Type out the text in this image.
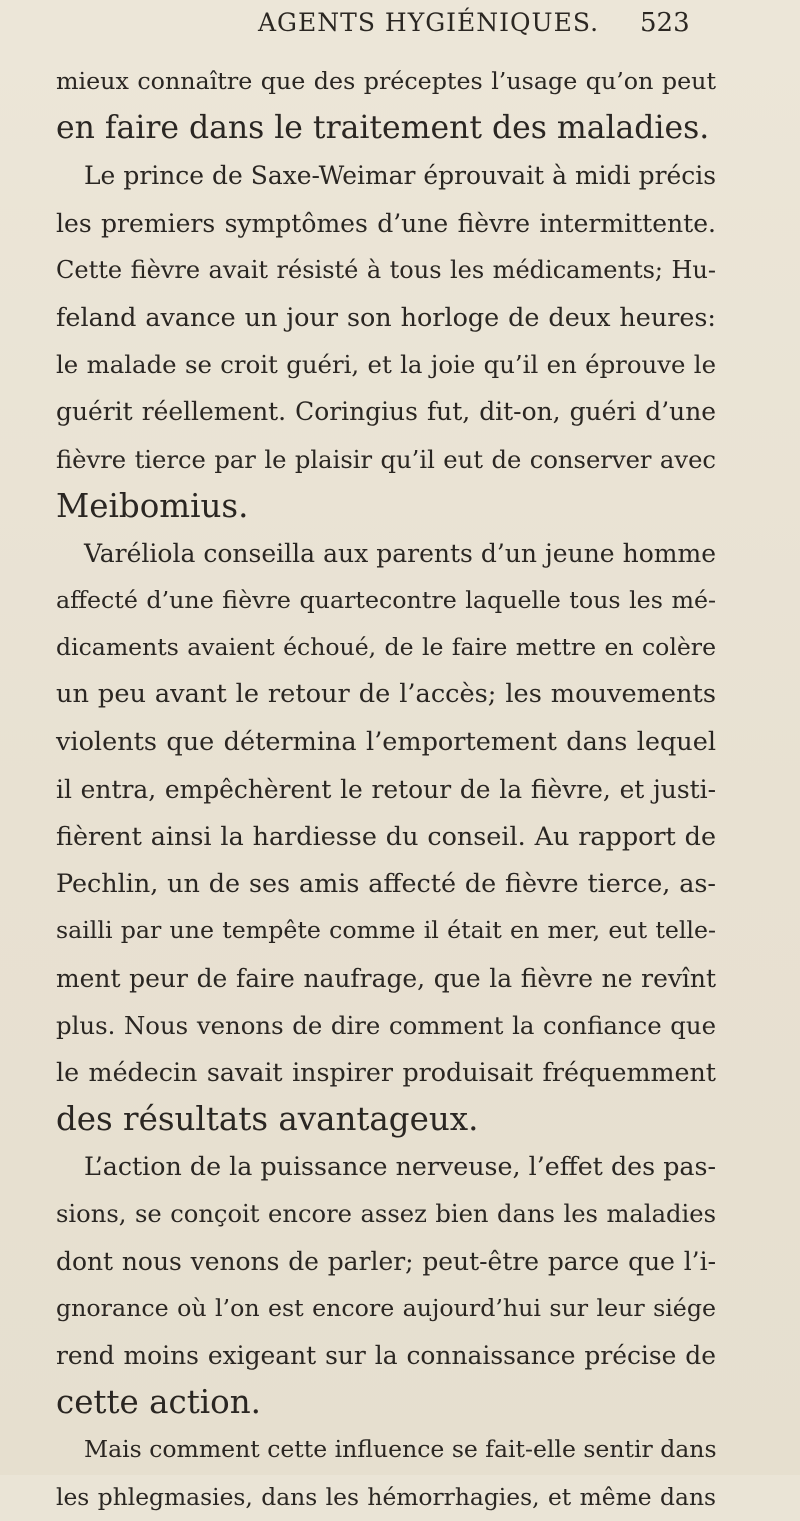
AGENTS HYGIÉNIQUES. 523
mieux connaître que des préceptes l’usage qu’on peut
en faire dans le traitement des maladies.
Le prince de Saxe-Weimar éprouvait à midi précis
les premiers symptômes d’une fièvre intermittente.
Cette fièvre avait résisté à tous les médicaments; Hu-
feland avance un jour son horloge de deux heures:
le malade se croit guéri, et la joie qu’il en éprouve le
guérit réellement. Coringius fut, dit-on, guéri d’une
fièvre tierce par le plaisir qu’il eut de conserver avec
Meibomius.
Varéliola conseilla aux parents d’un jeune homme
affecté d’une fièvre quartecontre laquelle tous les mé-
dicaments avaient échoué, de le faire mettre en colère
un peu avant le retour de l’accès; les mouvements
violents que détermina l’emportement dans lequel
il entra, empêchèrent le retour de la fièvre, et justi-
fièrent ainsi la hardiesse du conseil. Au rapport de
Pechlin, un de ses amis affecté de fièvre tierce, as-
sailli par une tempête comme il était en mer, eut telle-
ment peur de faire naufrage, que la fièvre ne revînt
plus. Nous venons de dire comment la confiance que
le médecin savait inspirer produisait fréquemment
des résultats avantageux.
L’action de la puissance nerveuse, l’effet des pas-
sions, se conçoit encore assez bien dans les maladies
dont nous venons de parler; peut-être parce que l’i-
gnorance où l’on est encore aujourd’hui sur leur siége
rend moins exigeant sur la connaissance précise de
cette action.
Mais comment cette influence se fait-elle sentir dans
les phlegmasies, dans les hémorrhagies, et même dans
